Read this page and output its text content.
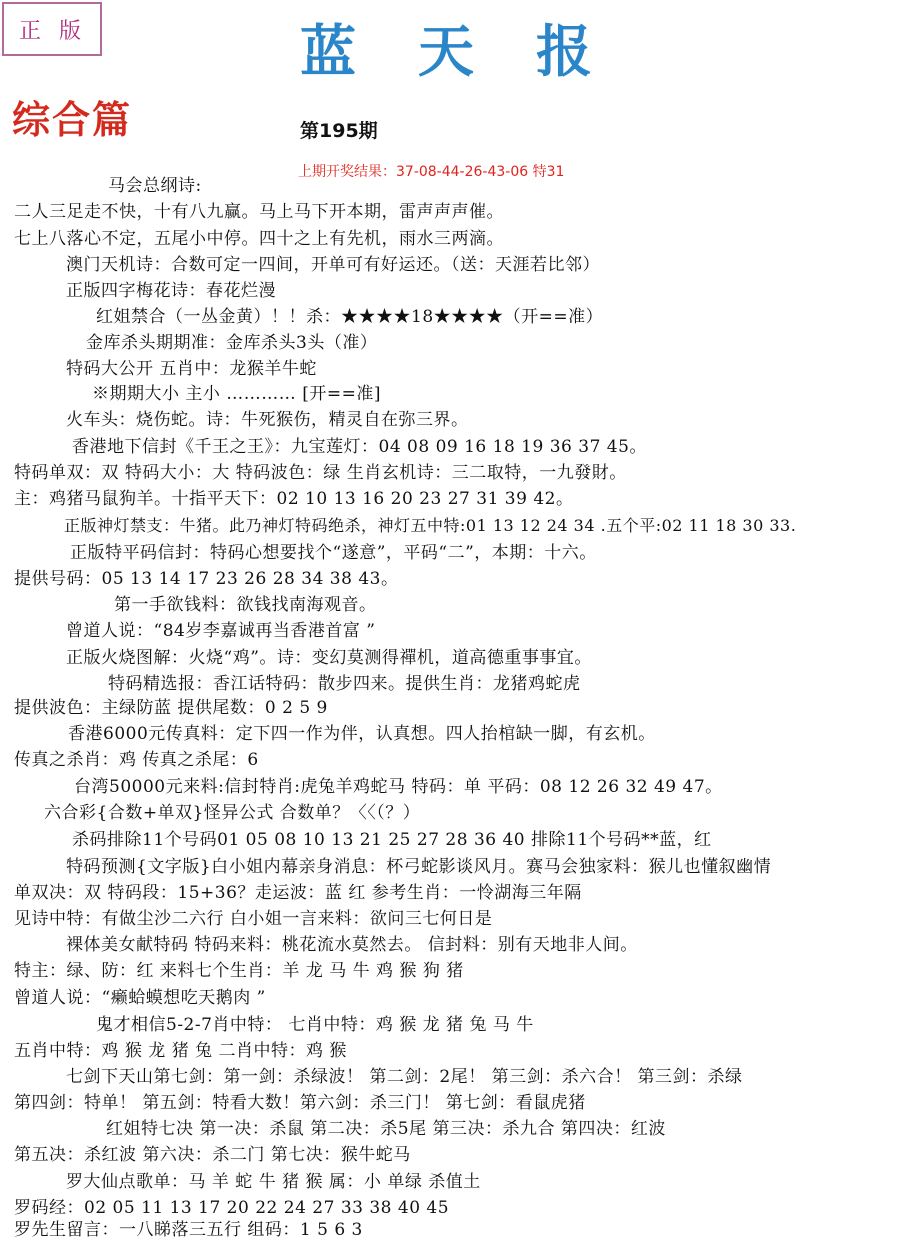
正版	蓝天报
综合篇	第195期
上期开奖结果：37-08-44-26-43-06 特31
马会总纲诗:
二人三足走不快，十有八九赢。马上马下开本期，雷声声声催。
七上八落心不定，五尾小中停。四十之上有先机，雨水三两滴。
澳门天机诗：合数可定一四间，开单可有好运还。（送：天涯若比邻）
正版四字梅花诗：春花烂漫
红姐禁合（一丛金黄）！！杀：★★★★18★★★★（开==准）
金库杀头期期准：金库杀头3头（准）
特码大公开 五肖中：龙猴羊牛蛇
※期期大小 主小 ………… [开==准]
火车头：烧伤蛇。诗：牛死猴伤，精灵自在弥三界。
香港地下信封《千王之王》：九宝莲灯：04 08 09 16 18 19 36 37 45。
特码单双：双 特码大小：大 特码波色：绿 生肖玄机诗：三二取特，一九發財。
主：鸡猪马鼠狗羊。十指平天下：02 10 13 16 20 23 27 31 39 42。
正版神灯禁支：牛猪。此乃神灯特码绝杀，神灯五中特:01 13 12 24 34 .五个平:02 11 18 30 33.
正版特平码信封：特码心想要找个“遂意”，平码“二”，本期：十六。
提供号码：05 13 14 17 23 26 28 34 38 43。
第一手欲钱料：欲钱找南海观音。
曾道人说：“84岁李嘉诚再当香港首富 ”
正版火烧图解：火烧“鸡”。诗：变幻莫测得禪机，道高德重事事宜。
特码精选报：香江话特码：散步四来。提供生肖：龙猪鸡蛇虎
提供波色：主绿防蓝 提供尾数：0 2 5 9
香港6000元传真料：定下四一作为伴，认真想。四人抬棺缺一脚，有玄机。
传真之杀肖：鸡 传真之杀尾：6
台湾50000元来料:信封特肖:虎兔羊鸡蛇马 特码：单 平码：08 12 26 32 49 47。
六合彩{合数+单双}怪异公式 合数单？〈〈（？）
杀码排除11个号码01 05 08 10 13 21 25 27 28 36 40 排除11个号码**蓝，红
特码预测{文字版}白小姐内幕亲身消息：杯弓蛇影谈风月。赛马会独家料：猴儿也懂叙幽情
单双决：双 特码段：15+36？走运波：蓝 红 参考生肖：一怜湖海三年隔
见诗中特：有做尘沙二六行 白小姐一言来料：欲问三七何日是
裸体美女献特码 特码来料：桃花流水莫然去。 信封料：别有天地非人间。
特主：绿、防：红 来料七个生肖：羊 龙 马 牛 鸡 猴 狗 猪
曾道人说：“癞蛤蟆想吃天鹅肉 ”
鬼才相信5-2-7肖中特： 七肖中特：鸡 猴 龙 猪 兔 马 牛
五肖中特：鸡 猴 龙 猪 兔 二肖中特：鸡 猴
七剑下天山第七剑：第一剑：杀绿波！ 第二剑：2尾！ 第三剑：杀六合！ 第三剑：杀绿
第四剑：特单！ 第五剑：特看大数！第六剑：杀三门！ 第七剑：看鼠虎猪
红姐特七决 第一决：杀鼠 第二决：杀5尾 第三决：杀九合 第四决：红波
第五决：杀红波 第六决：杀二门 第七决：猴牛蛇马
罗大仙点歌单：马 羊 蛇 牛 猪 猴 属：小 单绿 杀值土
罗码经：02 05 11 13 17 20 22 24 27 33 38 40 45
罗先生留言：一八睇落三五行 组码：1 5 6 3
